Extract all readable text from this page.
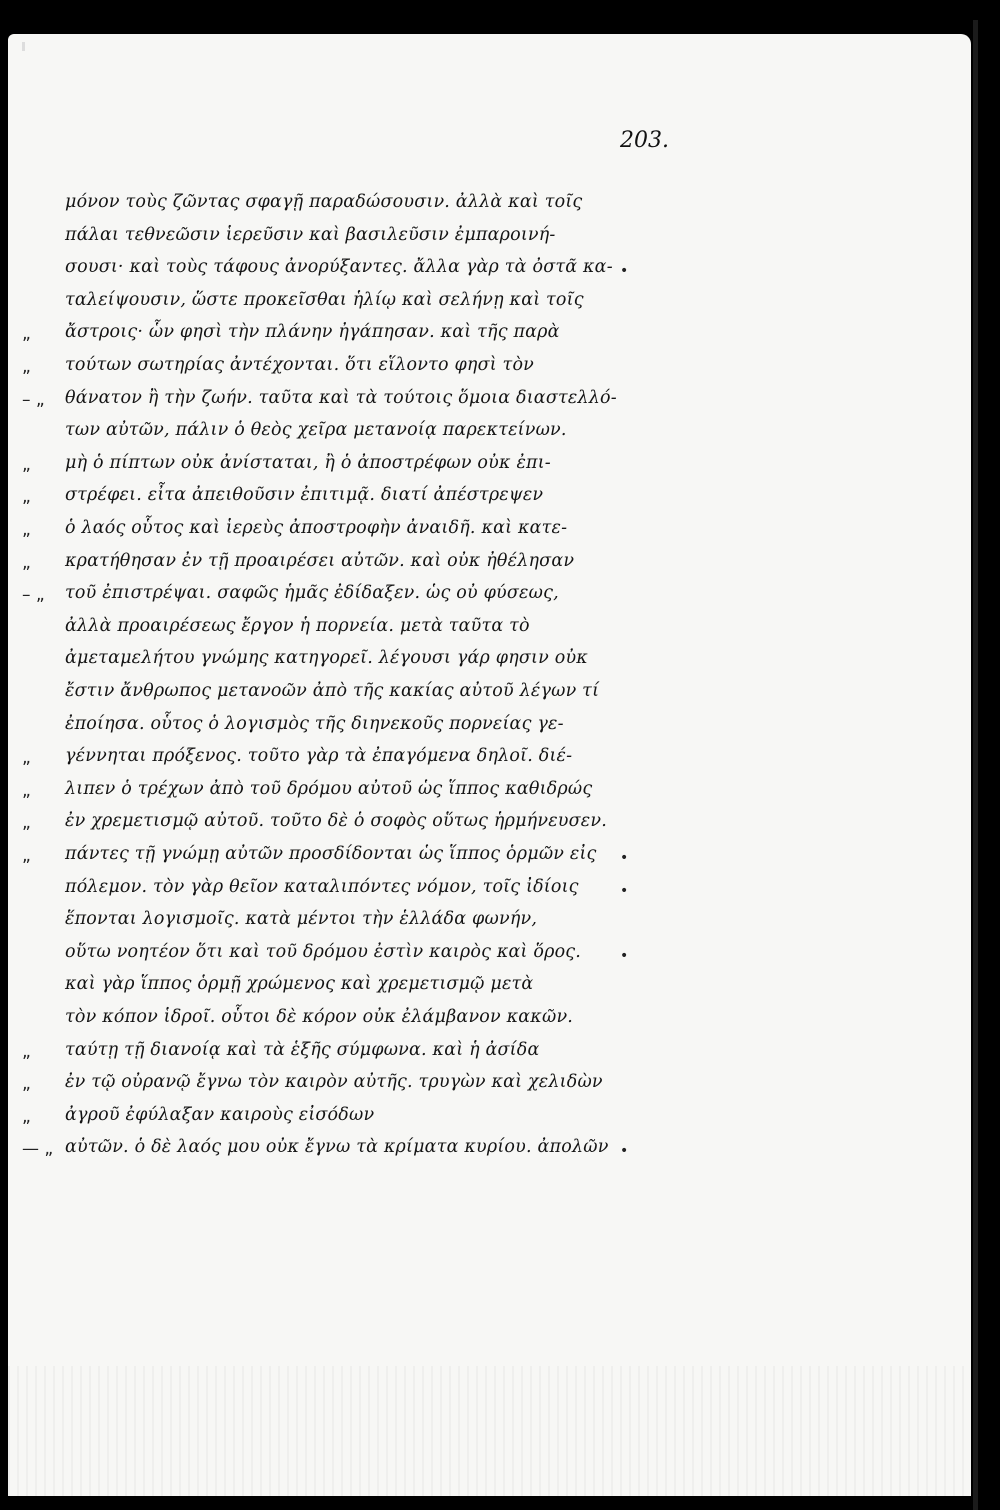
203.
μόνον τοὺς ζῶντας σφαγῇ παραδώσουσιν. ἀλλὰ καὶ τοῖς
πάλαι τεθνεῶσιν ἱερεῦσιν καὶ βασιλεῦσιν ἐμπαροινή-
σουσι· καὶ τοὺς τάφους ἀνορύξαντες. ἄλλα γὰρ τὰ ὀστᾶ κα- •
ταλείψουσιν, ὥστε προκεῖσθαι ἡλίῳ καὶ σελήνῃ καὶ τοῖς
„ ἄστροις· ὧν φησὶ τὴν πλάνην ἠγάπησαν. καὶ τῆς παρὰ
„ τούτων σωτηρίας ἀντέχονται. ὅτι εἵλοντο φησὶ τὸν
– „ θάνατον ἢ τὴν ζωήν. ταῦτα καὶ τὰ τούτοις ὅμοια διαστελλό-
των αὐτῶν, πάλιν ὁ θεὸς χεῖρα μετανοίᾳ παρεκτείνων.
„ μὴ ὁ πίπτων οὐκ ἀνίσταται, ἢ ὁ ἀποστρέφων οὐκ ἐπι-
„ στρέφει. εἶτα ἀπειθοῦσιν ἐπιτιμᾷ. διατί ἀπέστρεψεν
„ ὁ λαός οὗτος καὶ ἱερεὺς ἀποστροφὴν ἀναιδῆ. καὶ κατε-
„ κρατήθησαν ἐν τῇ προαιρέσει αὐτῶν. καὶ οὐκ ἠθέλησαν
– „ τοῦ ἐπιστρέψαι. σαφῶς ἡμᾶς ἐδίδαξεν. ὡς οὐ φύσεως,
ἀλλὰ προαιρέσεως ἔργον ἡ πορνεία. μετὰ ταῦτα τὸ
ἀμεταμελήτου γνώμης κατηγορεῖ. λέγουσι γάρ φησιν οὐκ
ἔστιν ἄνθρωπος μετανοῶν ἀπὸ τῆς κακίας αὐτοῦ λέγων τί
ἐποίησα. οὗτος ὁ λογισμὸς τῆς διηνεκοῦς πορνείας γε-
„ γέννηται πρόξενος. τοῦτο γὰρ τὰ ἐπαγόμενα δηλοῖ. διέ-
„ λιπεν ὁ τρέχων ἀπὸ τοῦ δρόμου αὐτοῦ ὡς ἵππος καθιδρώς
„ ἐν χρεμετισμῷ αὐτοῦ. τοῦτο δὲ ὁ σοφὸς οὕτως ἡρμήνευσεν.
„ πάντες τῇ γνώμῃ αὐτῶν προσδίδονται ὡς ἵππος ὁρμῶν εἰς •
πόλεμον. τὸν γὰρ θεῖον καταλιπόντες νόμον, τοῖς ἰδίοις	•
ἕπονται λογισμοῖς. κατὰ μέντοι τὴν ἑλλάδα φωνήν,
οὕτω νοητέον ὅτι καὶ τοῦ δρόμου ἐστὶν καιρὸς καὶ ὅρος.	•
καὶ γὰρ ἵππος ὁρμῇ χρώμενος καὶ χρεμετισμῷ μετὰ
τὸν κόπον ἱδροῖ. οὗτοι δὲ κόρον οὐκ ἐλάμβανον κακῶν.
„ ταύτῃ τῇ διανοίᾳ καὶ τὰ ἑξῆς σύμφωνα. καὶ ἡ ἀσίδα
„ ἐν τῷ οὐρανῷ ἔγνω τὸν καιρὸν αὐτῆς. τρυγὼν καὶ χελιδὼν
„ ἀγροῦ ἐφύλαξαν καιροὺς εἰσόδων
— „ αὐτῶν. ὁ δὲ λαός μου οὐκ ἔγνω τὰ κρίματα κυρίου. ἀπολῶν •
